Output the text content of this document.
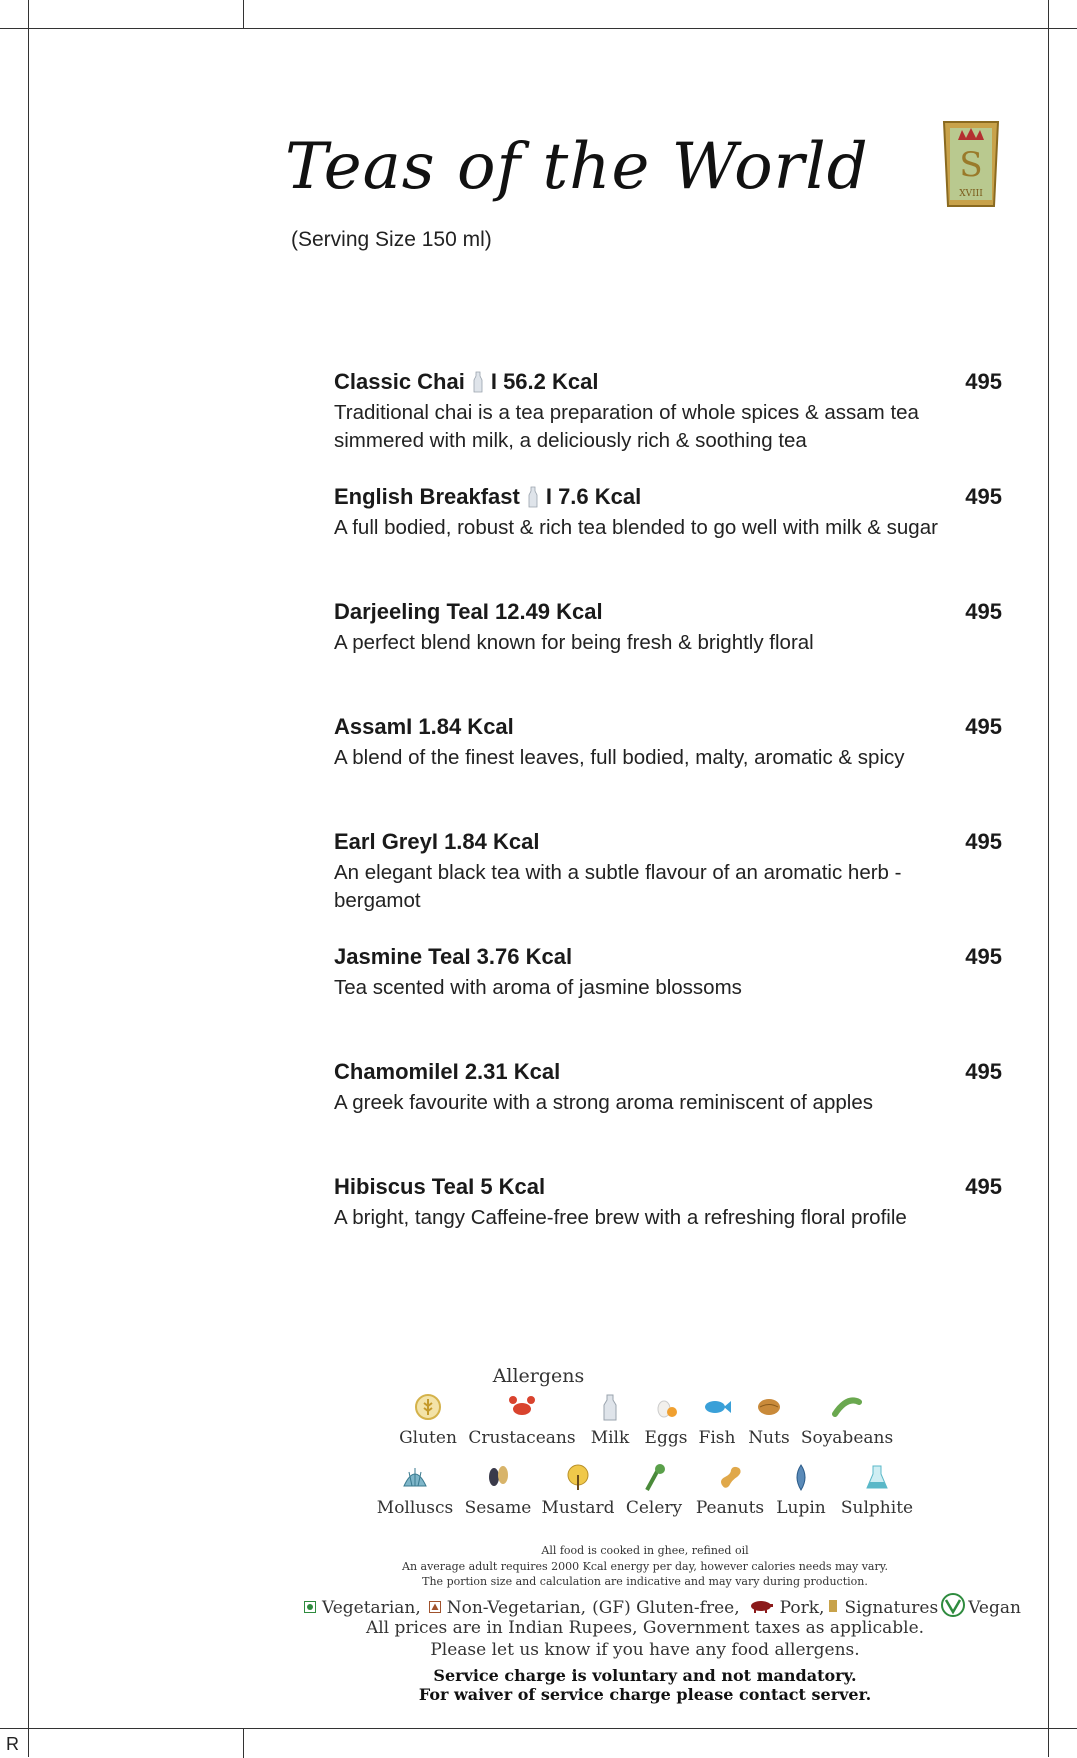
R
Teas of the World
(Serving Size 150 ml)
S
XVIII
Classic Chai I 56.2 Kcal	495
Traditional chai is a tea preparation of whole spices & assam tea simmered with milk, a deliciously rich & soothing tea
English Breakfast I 7.6 Kcal	495
A full bodied, robust & rich tea blended to go well with milk & sugar
Darjeeling Tea I 12.49 Kcal	495
A perfect blend known for being fresh & brightly floral
Assam I 1.84 Kcal	495
A blend of the finest leaves, full bodied, malty, aromatic & spicy
Earl Grey I 1.84 Kcal	495
An elegant black tea with a subtle flavour of an aromatic herb - bergamot
Jasmine Tea I 3.76 Kcal	495
Tea scented with aroma of jasmine blossoms
Chamomile I 2.31 Kcal	495
A greek favourite with a strong aroma reminiscent of apples
Hibiscus Tea I 5 Kcal	495
A bright, tangy Caffeine-free brew with a refreshing floral profile
Allergens
Gluten Crustaceans Milk Eggs Fish Nuts Soyabeans
Molluscs Sesame Mustard Celery Peanuts Lupin Sulphite
All food is cooked in ghee, refined oil
An average adult requires 2000 Kcal energy per day, however calories needs may vary.
The portion size and calculation are indicative and may vary during production.
Vegetarian, Non-Vegetarian, (GF) Gluten-free, Pork, Signatures Vegan
All prices are in Indian Rupees, Government taxes as applicable.
Please let us know if you have any food allergens.
Service charge is voluntary and not mandatory.
For waiver of service charge please contact server.
